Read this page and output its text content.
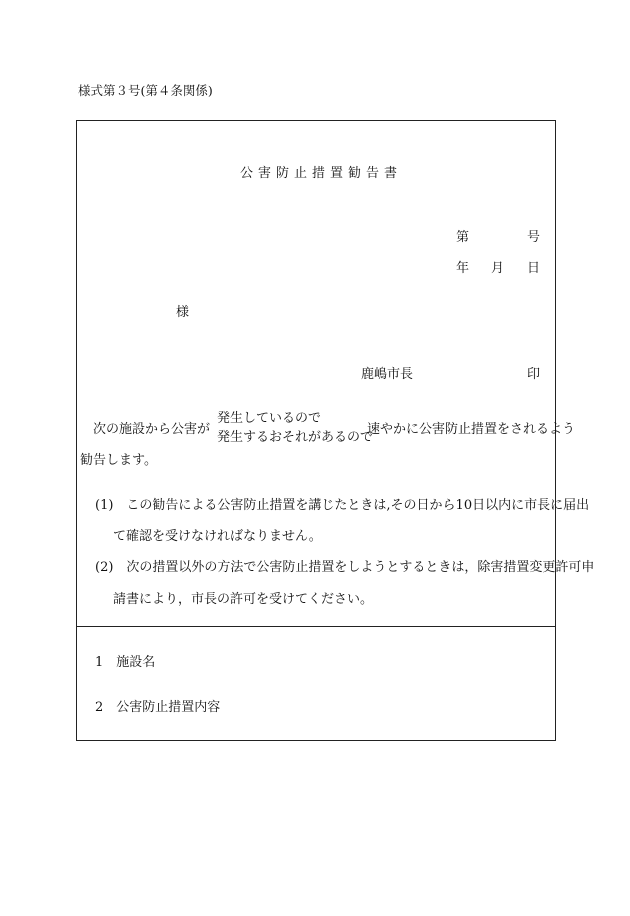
様式第３号(第４条関係)
公害防止措置勧告書
第	号
年 月 日
様
鹿嶋市長	印
次の施設から公害が
発生しているので
発生するおそれがあるので
速やかに公害防止措置をされるよう
勧告します。
(1)　この勧告による公害防止措置を講じたときは,その日から10日以内に市長に届出
て確認を受けなければなりません。
(2)　次の措置以外の方法で公害防止措置をしようとするときは，除害措置変更許可申
請書により，市長の許可を受けてください。
1　施設名
2　公害防止措置内容
